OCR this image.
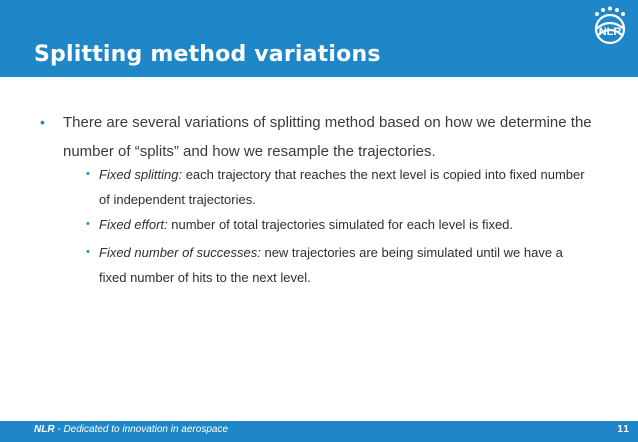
Splitting method variations
NLR
•	There are several variations of splitting method based on how we determine the number of “splits” and how we resample the trajectories.
• Fixed splitting: each trajectory that reaches the next level is copied into fixed number of independent trajectories.
• Fixed effort: number of total trajectories simulated for each level is fixed.
• Fixed number of successes: new trajectories are being simulated until we have a fixed number of hits to the next level.
NLR - Dedicated to innovation in aerospace	11
